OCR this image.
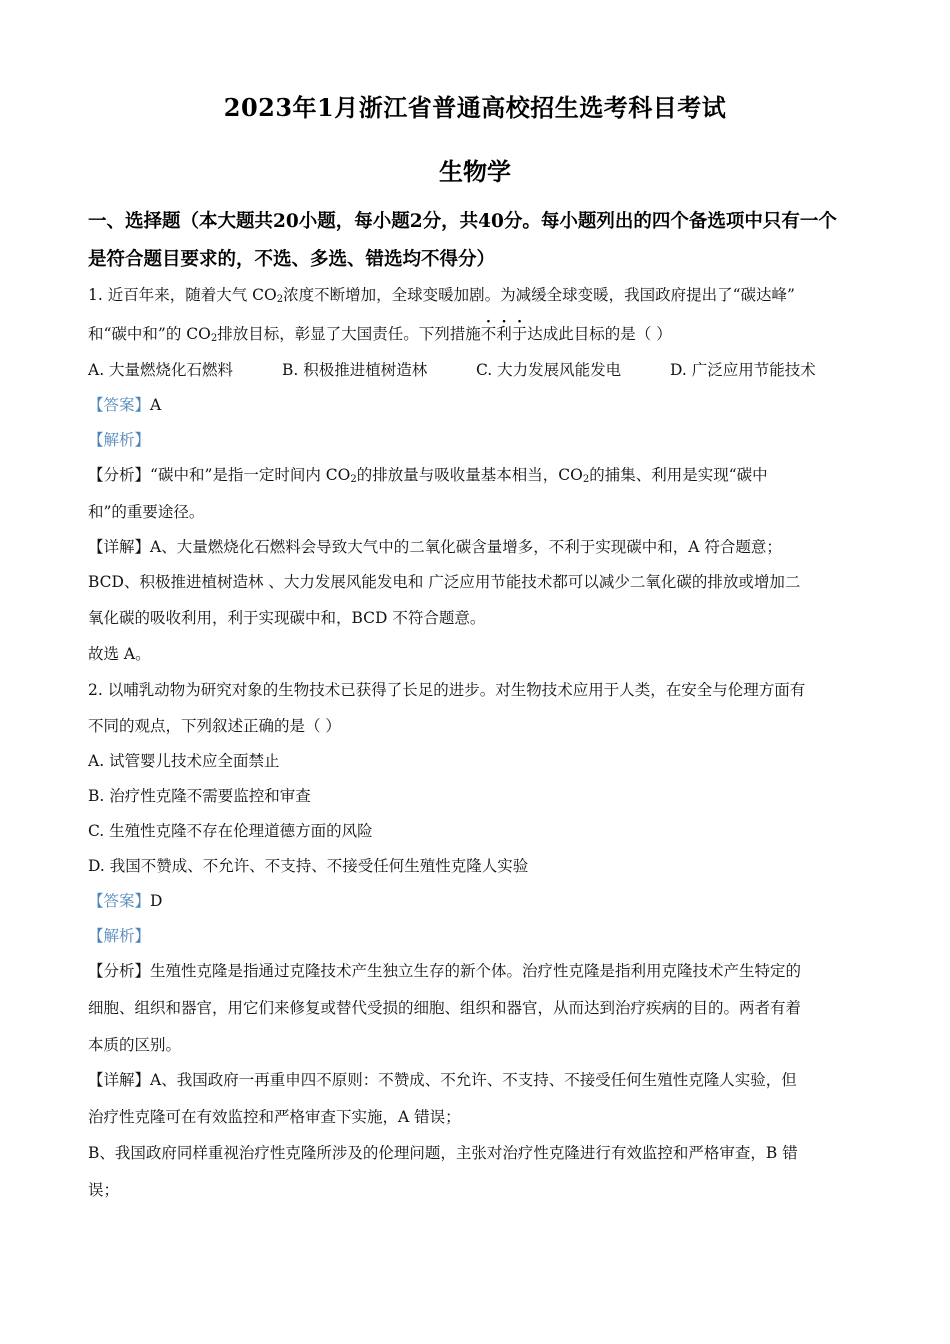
2023年1月浙江省普通高校招生选考科目考试
生物学
一、选择题（本大题共20小题，每小题2分，共40分。每小题列出的四个备选项中只有一个
是符合题目要求的，不选、多选、错选均不得分）
1. 近百年来，随着大气 $CO_2$浓度不断增加，全球变暖加剧。为减缓全球变暖，我国政府提出了“碳达峰”
和“碳中和”的 $CO_2$排放目标，彰显了大国责任。下列措施不利于达成此目标的是（ ）
A. 大量燃烧化石燃料	B. 积极推进植树造林	C. 大力发展风能发电	D. 广泛应用节能技术
【答案】A
【解析】
【分析】“碳中和”是指一定时间内 $CO_2$的排放量与吸收量基本相当，$CO_2$的捕集、利用是实现“碳中
和”的重要途径。
【详解】A、大量燃烧化石燃料会导致大气中的二氧化碳含量增多，不利于实现碳中和，A 符合题意；
BCD、积极推进植树造林 、大力发展风能发电和 广泛应用节能技术都可以减少二氧化碳的排放或增加二
氧化碳的吸收利用，利于实现碳中和，BCD 不符合题意。
故选 A。
2. 以哺乳动物为研究对象的生物技术已获得了长足的进步。对生物技术应用于人类，在安全与伦理方面有
不同的观点，下列叙述正确的是（ ）
A. 试管婴儿技术应全面禁止
B. 治疗性克隆不需要监控和审查
C. 生殖性克隆不存在伦理道德方面的风险
D. 我国不赞成、不允许、不支持、不接受任何生殖性克隆人实验
【答案】D
【解析】
【分析】生殖性克隆是指通过克隆技术产生独立生存的新个体。治疗性克隆是指利用克隆技术产生特定的
细胞、组织和器官，用它们来修复或替代受损的细胞、组织和器官，从而达到治疗疾病的目的。两者有着
本质的区别。
【详解】A、我国政府一再重申四不原则：不赞成、不允许、不支持、不接受任何生殖性克隆人实验，但
治疗性克隆可在有效监控和严格审查下实施，A 错误；
B、我国政府同样重视治疗性克隆所涉及的伦理问题，主张对治疗性克隆进行有效监控和严格审查，B 错
误；
